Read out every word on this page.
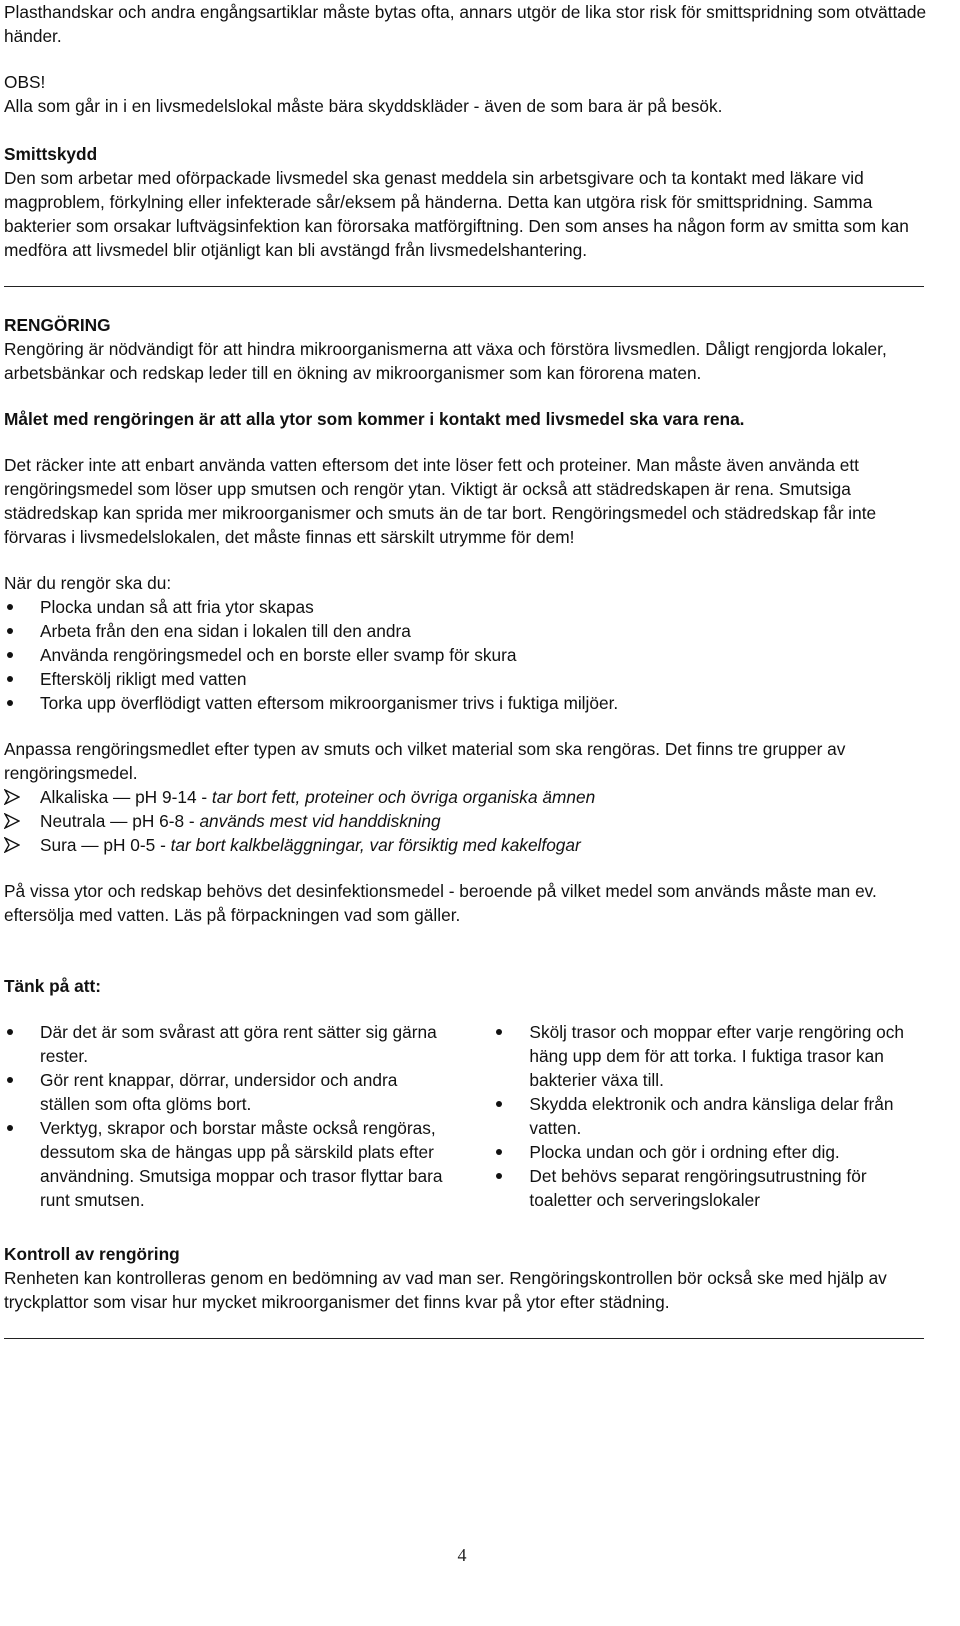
Plasthandskar och andra engångsartiklar måste bytas ofta, annars utgör de lika stor risk för smittspridning som otvättade händer.

OBS!

Alla som går in i en livsmedelslokal måste bära skyddskläder - även de som bara är på besök.

Smittskydd

Den som arbetar med oförpackade livsmedel ska genast meddela sin arbetsgivare och ta kontakt med läkare vid magproblem, förkylning eller infekterade sår/eksem på händerna. Detta kan utgöra risk för smittspridning. Samma bakterier som orsakar luftvägsinfektion kan förorsaka matförgiftning. Den som anses ha någon form av smitta som kan medföra att livsmedel blir otjänligt kan bli avstängd från livsmedelshantering.

RENGÖRING

Rengöring är nödvändigt för att hindra mikroorganismerna att växa och förstöra livsmedlen. Dåligt rengjorda lokaler, arbetsbänkar och redskap leder till en ökning av mikroorganismer som kan förorena maten.

Målet med rengöringen är att alla ytor som kommer i kontakt med livsmedel ska vara rena.

Det räcker inte att enbart använda vatten eftersom det inte löser fett och proteiner. Man måste även använda ett rengöringsmedel som löser upp smutsen och rengör ytan. Viktigt är också att städredskapen är rena. Smutsiga städredskap kan sprida mer mikroorganismer och smuts än de tar bort. Rengöringsmedel och städredskap får inte förvaras i livsmedelslokalen, det måste finnas ett särskilt utrymme för dem!

När du rengör ska du:

Plocka undan så att fria ytor skapas
Arbeta från den ena sidan i lokalen till den andra
Använda rengöringsmedel och en borste eller svamp för skura
Efterskölj rikligt med vatten
Torka upp överflödigt vatten eftersom mikroorganismer trivs i fuktiga miljöer.

Anpassa rengöringsmedlet efter typen av smuts och vilket material som ska rengöras. Det finns tre grupper av rengöringsmedel.

Alkaliska — pH 9-14 - tar bort fett, proteiner och övriga organiska ämnen
Neutrala — pH 6-8 - används mest vid handdiskning
Sura — pH 0-5 - tar bort kalkbeläggningar, var försiktig med kakelfogar

På vissa ytor och redskap behövs det desinfektionsmedel - beroende på vilket medel som används måste man ev. eftersölja med vatten. Läs på förpackningen vad som gäller.

Tänk på att:

Där det är som svårast att göra rent sätter sig gärna rester.
Gör rent knappar, dörrar, undersidor och andra ställen som ofta glöms bort.
Verktyg, skrapor och borstar måste också rengöras, dessutom ska de hängas upp på särskild plats efter användning. Smutsiga moppar och trasor flyttar bara runt smutsen.
Skölj trasor och moppar efter varje rengöring och häng upp dem för att torka. I fuktiga trasor kan bakterier växa till.
Skydda elektronik och andra känsliga delar från vatten.
Plocka undan och gör i ordning efter dig.
Det behövs separat rengöringsutrustning för toaletter och serveringslokaler

Kontroll av rengöring

Renheten kan kontrolleras genom en bedömning av vad man ser. Rengöringskontrollen bör också ske med hjälp av tryckplattor som visar hur mycket mikroorganismer det finns kvar på ytor efter städning.

4
